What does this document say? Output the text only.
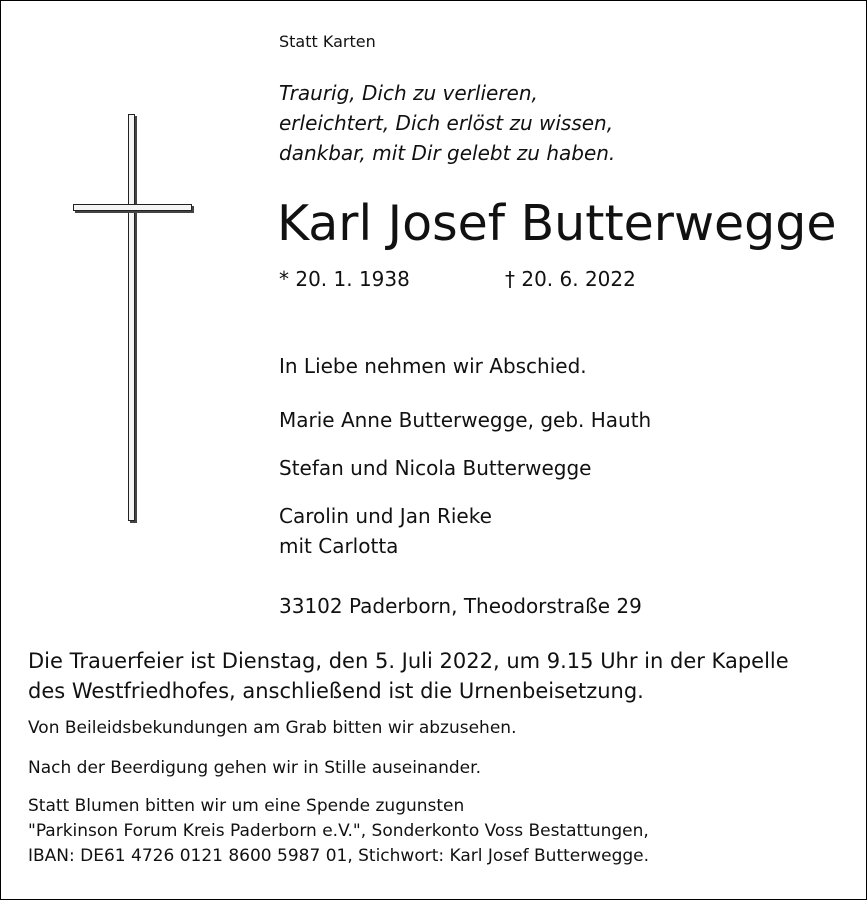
Statt Karten
Traurig, Dich zu verlieren,
erleichtert, Dich erlöst zu wissen,
dankbar, mit Dir gelebt zu haben.
Karl Josef Butterwegge
* 20. 1. 1938	† 20. 6. 2022
In Liebe nehmen wir Abschied.
Marie Anne Butterwegge, geb. Hauth
Stefan und Nicola Butterwegge
Carolin und Jan Rieke
mit Carlotta
33102 Paderborn, Theodorstraße 29
Die Trauerfeier ist Dienstag, den 5. Juli 2022, um 9.15 Uhr in der Kapelle
des Westfriedhofes, anschließend ist die Urnenbeisetzung.
Von Beileidsbekundungen am Grab bitten wir abzusehen.
Nach der Beerdigung gehen wir in Stille auseinander.
Statt Blumen bitten wir um eine Spende zugunsten
"Parkinson Forum Kreis Paderborn e.V.", Sonderkonto Voss Bestattungen,
IBAN: DE61 4726 0121 8600 5987 01, Stichwort: Karl Josef Butterwegge.
